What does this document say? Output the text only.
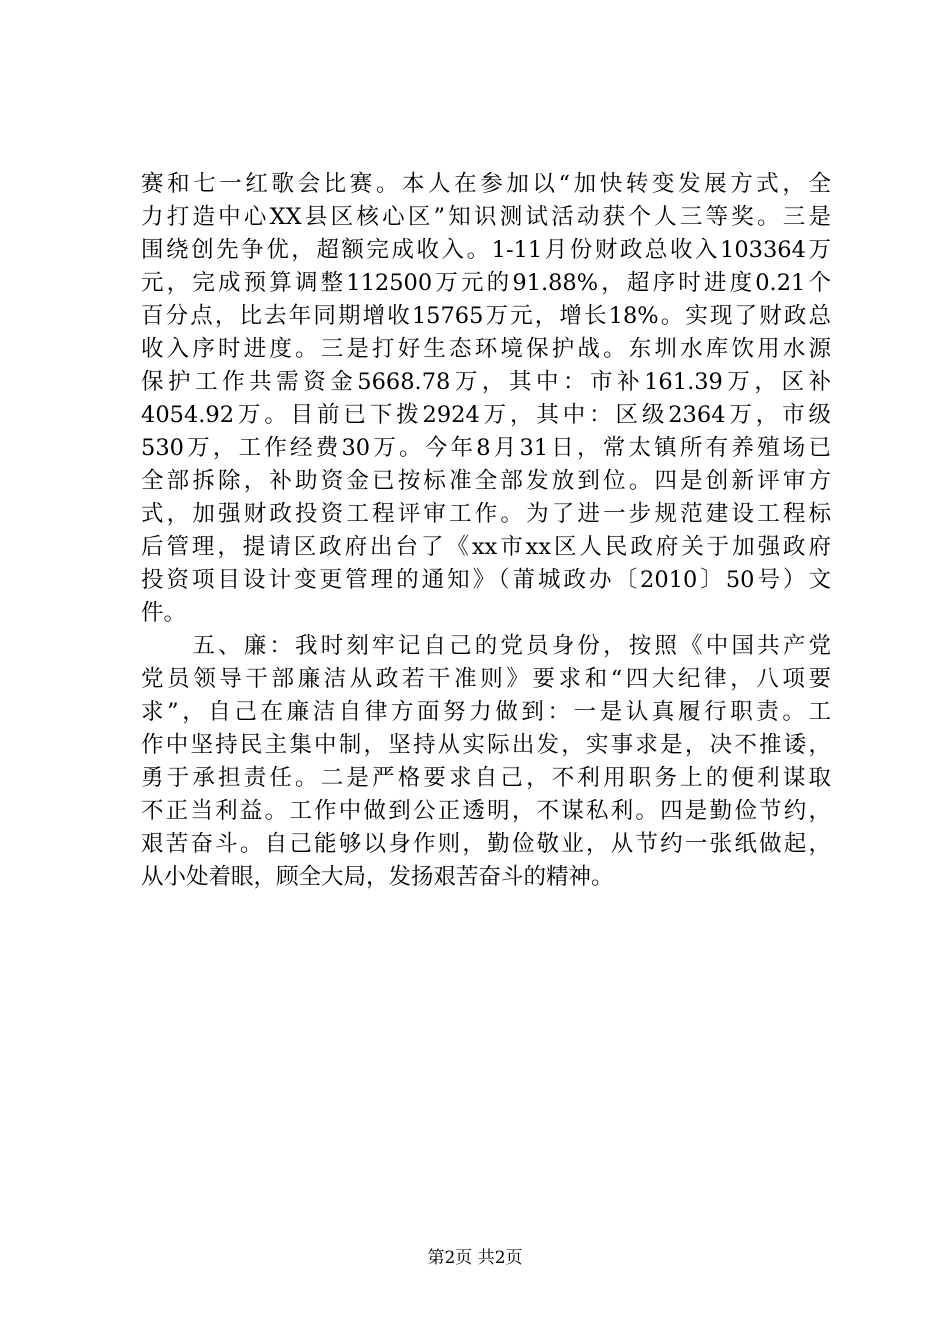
赛和七一红歌会比赛。本人在参加以“加快转变发展方式，全
力打造中心XX县区核心区”知识测试活动获个人三等奖。三是
围绕创先争优，超额完成收入。1-11月份财政总收入103364万
元，完成预算调整112500万元的91.88%，超序时进度0.21个
百分点，比去年同期增收15765万元，增长18%。实现了财政总
收入序时进度。三是打好生态环境保护战。东圳水库饮用水源
保护工作共需资金5668.78万，其中：市补161.39万，区补
4054.92万。目前已下拨2924万，其中：区级2364万，市级
530万，工作经费30万。今年8月31日，常太镇所有养殖场已
全部拆除，补助资金已按标准全部发放到位。四是创新评审方
式，加强财政投资工程评审工作。为了进一步规范建设工程标
后管理，提请区政府出台了《xx市xx区人民政府关于加强政府
投资项目设计变更管理的通知》（莆城政办〔2010〕50号）文
件。
　　五、廉：我时刻牢记自己的党员身份，按照《中国共产党
党员领导干部廉洁从政若干准则》要求和“四大纪律，八项要
求”，自己在廉洁自律方面努力做到：一是认真履行职责。工
作中坚持民主集中制，坚持从实际出发，实事求是，决不推诿，
勇于承担责任。二是严格要求自己，不利用职务上的便利谋取
不正当利益。工作中做到公正透明，不谋私利。四是勤俭节约，
艰苦奋斗。自己能够以身作则，勤俭敬业，从节约一张纸做起，
从小处着眼，顾全大局，发扬艰苦奋斗的精神。
第2页 共2页
